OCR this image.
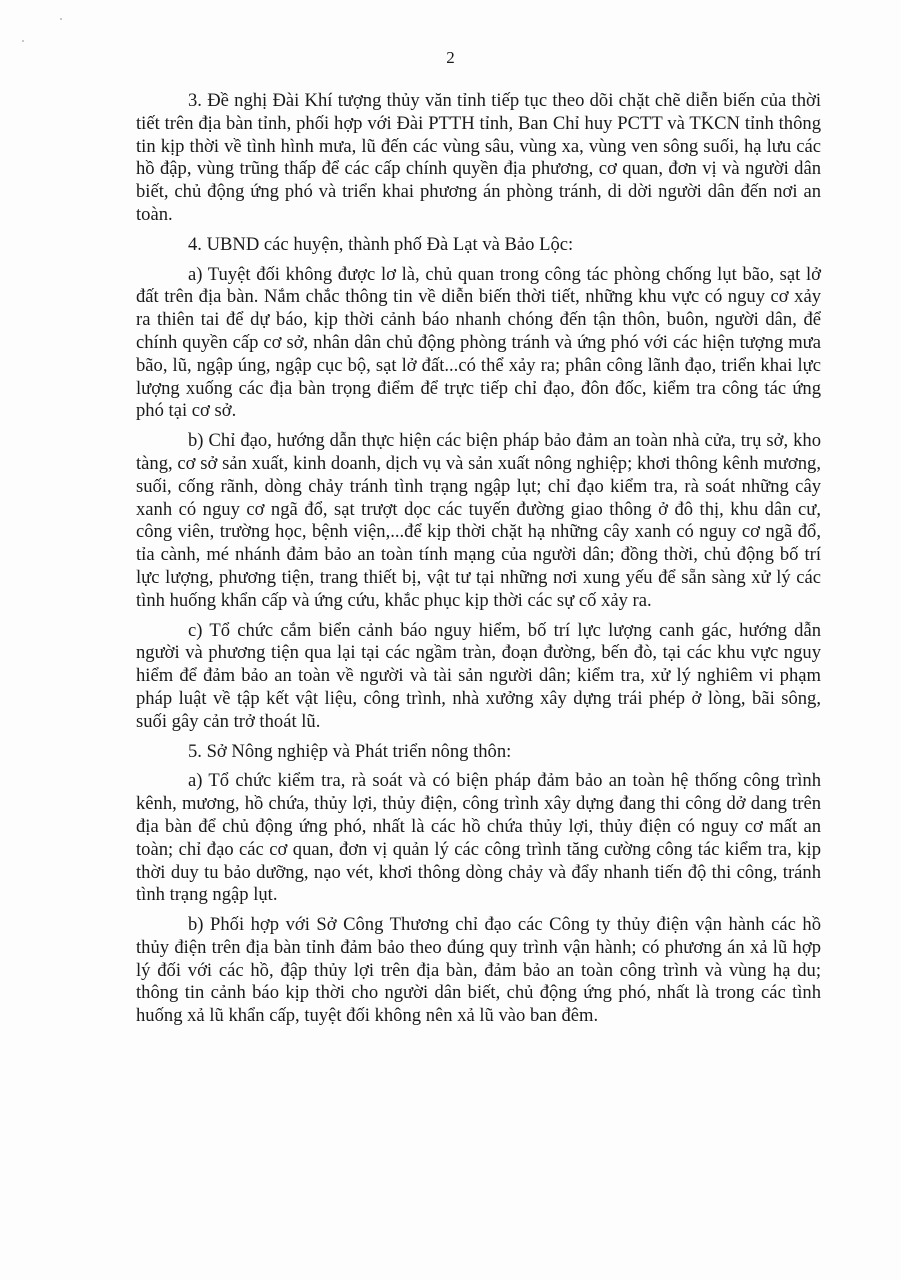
2

3. Đề nghị Đài Khí tượng thủy văn tỉnh tiếp tục theo dõi chặt chẽ diễn biến của thời tiết trên địa bàn tỉnh, phối hợp với Đài PTTH tỉnh, Ban Chỉ huy PCTT và TKCN tỉnh thông tin kịp thời về tình hình mưa, lũ đến các vùng sâu, vùng xa, vùng ven sông suối, hạ lưu các hồ đập, vùng trũng thấp để các cấp chính quyền địa phương, cơ quan, đơn vị và người dân biết, chủ động ứng phó và triển khai phương án phòng tránh, di dời người dân đến nơi an toàn.

4. UBND các huyện, thành phố Đà Lạt và Bảo Lộc:

a) Tuyệt đối không được lơ là, chủ quan trong công tác phòng chống lụt bão, sạt lở đất trên địa bàn. Nắm chắc thông tin về diễn biến thời tiết, những khu vực có nguy cơ xảy ra thiên tai để dự báo, kịp thời cảnh báo nhanh chóng đến tận thôn, buôn, người dân, để chính quyền cấp cơ sở, nhân dân chủ động phòng tránh và ứng phó với các hiện tượng mưa bão, lũ, ngập úng, ngập cục bộ, sạt lở đất...có thể xảy ra; phân công lãnh đạo, triển khai lực lượng xuống các địa bàn trọng điểm để trực tiếp chỉ đạo, đôn đốc, kiểm tra công tác ứng phó tại cơ sở.

b) Chỉ đạo, hướng dẫn thực hiện các biện pháp bảo đảm an toàn nhà cửa, trụ sở, kho tàng, cơ sở sản xuất, kinh doanh, dịch vụ và sản xuất nông nghiệp; khơi thông kênh mương, suối, cống rãnh, dòng chảy tránh tình trạng ngập lụt; chỉ đạo kiểm tra, rà soát những cây xanh có nguy cơ ngã đổ, sạt trượt dọc các tuyến đường giao thông ở đô thị, khu dân cư, công viên, trường học, bệnh viện,...để kịp thời chặt hạ những cây xanh có nguy cơ ngã đổ, tỉa cành, mé nhánh đảm bảo an toàn tính mạng của người dân; đồng thời, chủ động bố trí lực lượng, phương tiện, trang thiết bị, vật tư tại những nơi xung yếu để sẵn sàng xử lý các tình huống khẩn cấp và ứng cứu, khắc phục kịp thời các sự cố xảy ra.

c) Tổ chức cắm biển cảnh báo nguy hiểm, bố trí lực lượng canh gác, hướng dẫn người và phương tiện qua lại tại các ngầm tràn, đoạn đường, bến đò, tại các khu vực nguy hiểm để đảm bảo an toàn về người và tài sản người dân; kiểm tra, xử lý nghiêm vi phạm pháp luật về tập kết vật liệu, công trình, nhà xưởng xây dựng trái phép ở lòng, bãi sông, suối gây cản trở thoát lũ.

5. Sở Nông nghiệp và Phát triển nông thôn:

a) Tổ chức kiểm tra, rà soát và có biện pháp đảm bảo an toàn hệ thống công trình kênh, mương, hồ chứa, thủy lợi, thủy điện, công trình xây dựng đang thi công dở dang trên địa bàn để chủ động ứng phó, nhất là các hồ chứa thủy lợi, thủy điện có nguy cơ mất an toàn; chỉ đạo các cơ quan, đơn vị quản lý các công trình tăng cường công tác kiểm tra, kịp thời duy tu bảo dưỡng, nạo vét, khơi thông dòng chảy và đẩy nhanh tiến độ thi công, tránh tình trạng ngập lụt.

b) Phối hợp với Sở Công Thương chỉ đạo các Công ty thủy điện vận hành các hồ thủy điện trên địa bàn tỉnh đảm bảo theo đúng quy trình vận hành; có phương án xả lũ hợp lý đối với các hồ, đập thủy lợi trên địa bàn, đảm bảo an toàn công trình và vùng hạ du; thông tin cảnh báo kịp thời cho người dân biết, chủ động ứng phó, nhất là trong các tình huống xả lũ khẩn cấp, tuyệt đối không nên xả lũ vào ban đêm.
